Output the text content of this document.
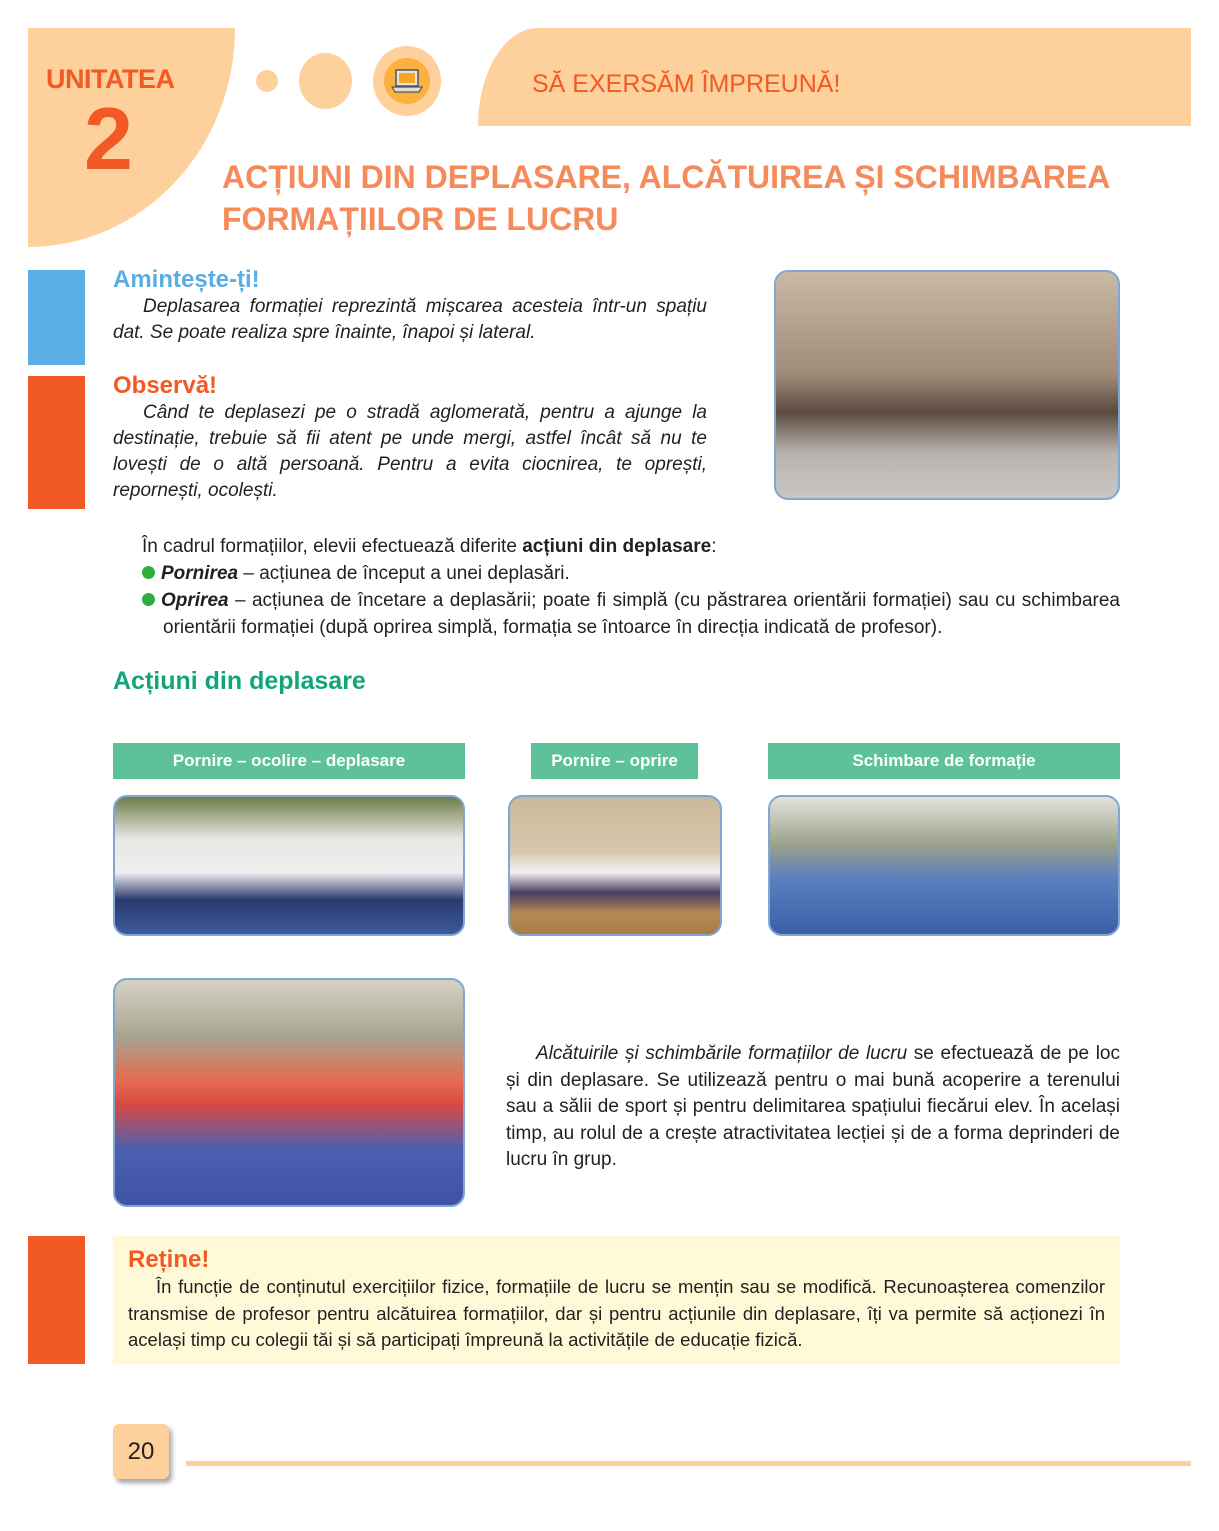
UNITATEA
2
SĂ EXERSĂM ÎMPREUNĂ!
ACȚIUNI DIN DEPLASARE, ALCĂTUIREA ȘI SCHIMBAREA
FORMAȚIILOR DE LUCRU
Amintește-ți!

Deplasarea formației reprezintă mișcarea acesteia într-un spațiu dat. Se poate realiza spre înainte, înapoi și lateral.

Observă!

Când te deplasezi pe o stradă aglomerată, pentru a ajunge la destinație, trebuie să fii atent pe unde mergi, astfel încât să nu te lovești de o altă persoană. Pentru a evita ciocnirea, te oprești, repornești, ocolești.

În cadrul formațiilor, elevii efectuează diferite acțiuni din deplasare:
Pornirea – acțiunea de început a unei deplasări.
Oprirea – acțiunea de încetare a deplasării; poate fi simplă (cu păstrarea orientării formației) sau cu schimbarea orientării formației (după oprirea simplă, formația se întoarce în direcția indicată de profesor).
Acțiuni din deplasare
Pornire – ocolire – deplasare	Pornire – oprire	Schimbare de formație

Alcătuirile și schimbările formațiilor de lucru se efectuează de pe loc și din deplasare. Se utilizează pentru o mai bună acoperire a terenului sau a sălii de sport și pentru delimitarea spațiului fiecărui elev. În același timp, au rolul de a crește atractivitatea lecției și de a forma deprinderi de lucru în grup.

Reține!

În funcție de conținutul exercițiilor fizice, formațiile de lucru se mențin sau se modifică. Recunoașterea comenzilor transmise de profesor pentru alcătuirea formațiilor, dar și pentru acțiunile din deplasare, îți va permite să acționezi în același timp cu colegii tăi și să participați împreună la activitățile de educație fizică.

20
